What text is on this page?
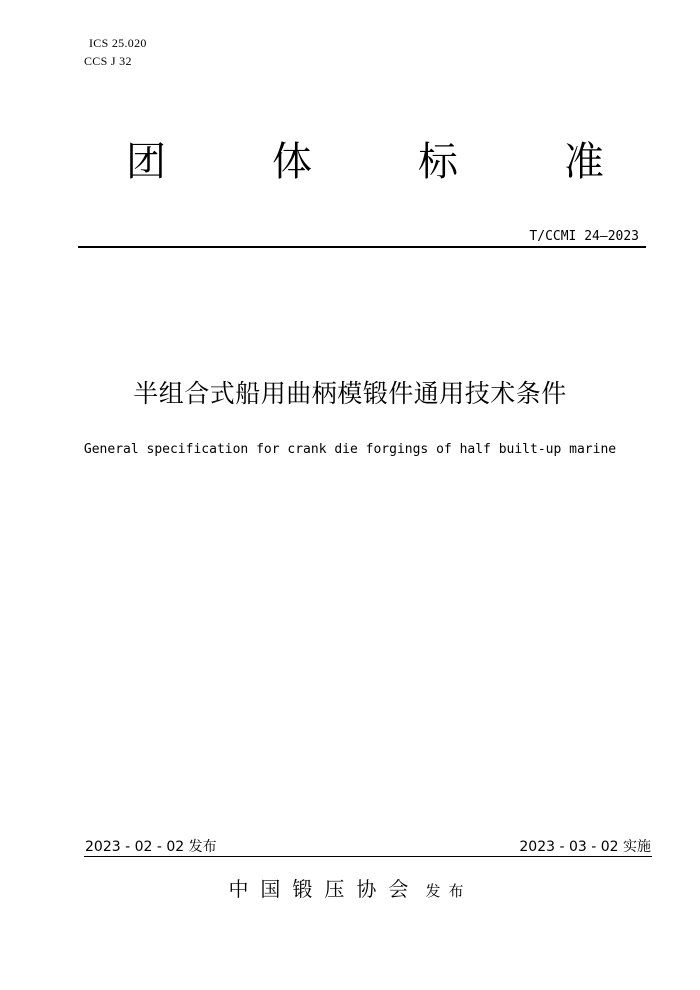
ICS 25.020
CCS J 32
团	体	标	准
T/CCMI 24—2023
半组合式船用曲柄模锻件通用技术条件
General specification for crank die forgings of half built-up marine
2023 - 02 - 02 发布	2023 - 03 - 02 实施
中国锻压协会 发布
